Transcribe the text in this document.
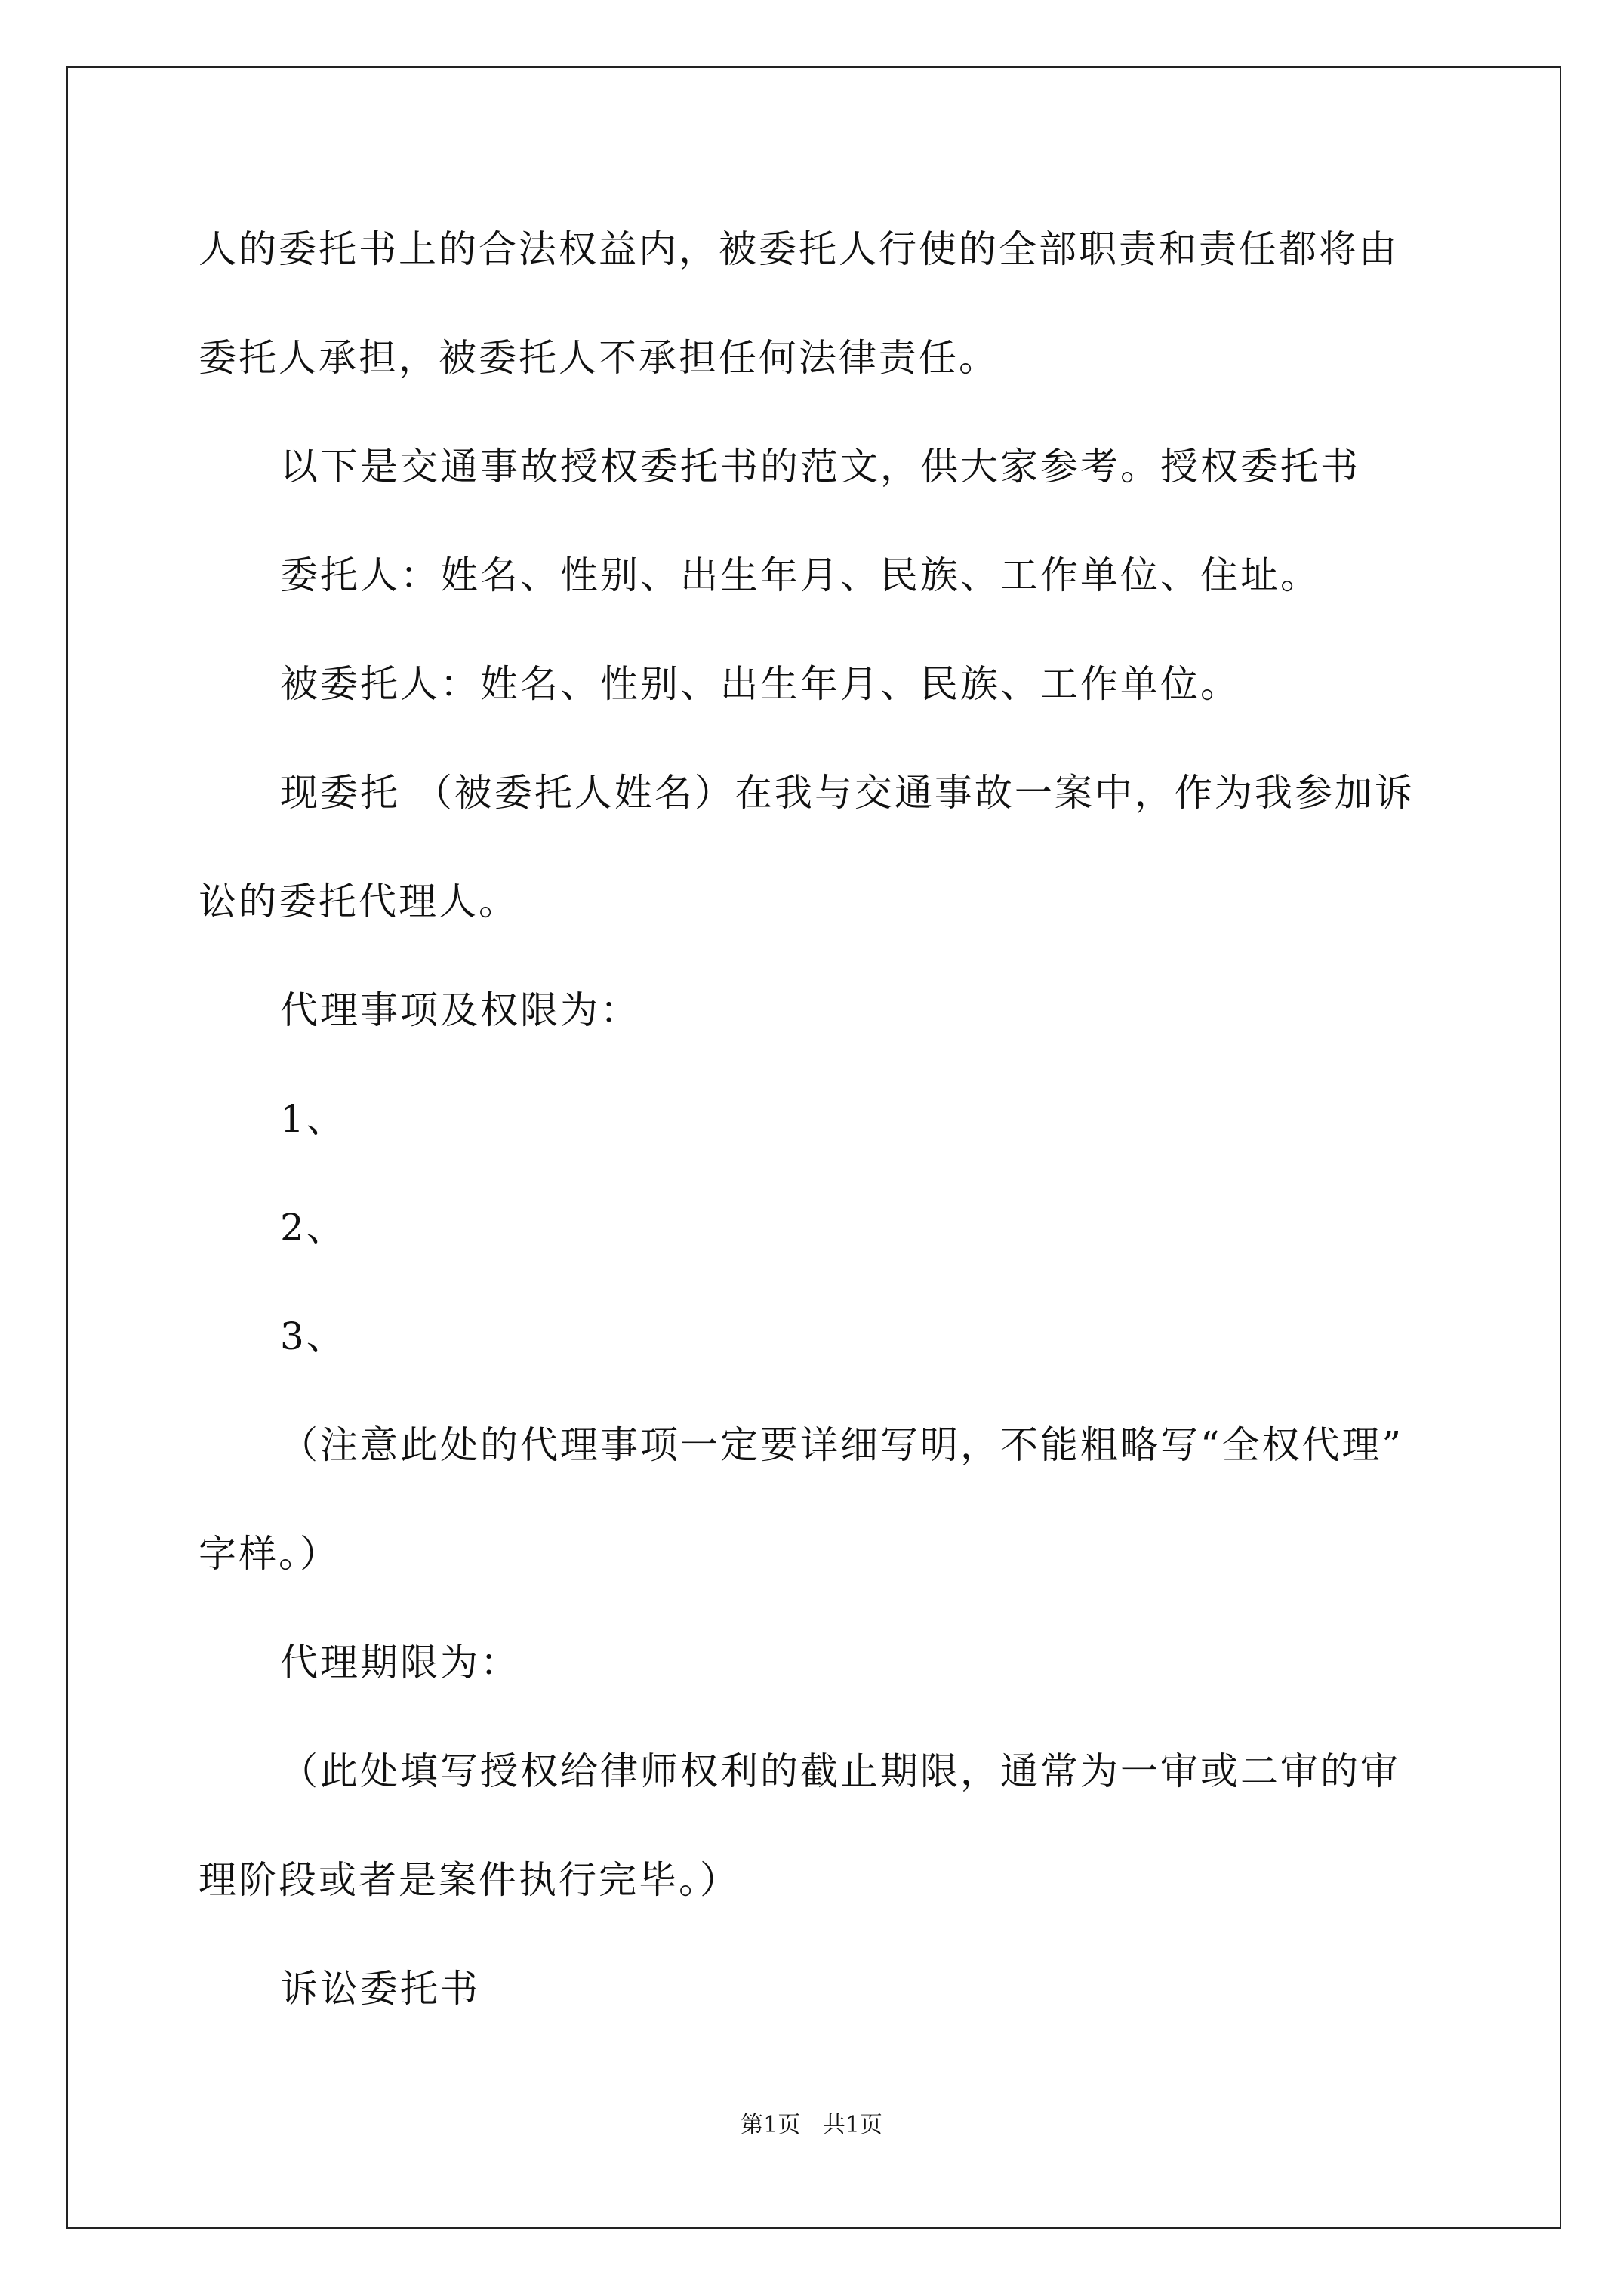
人的委托书上的合法权益内，被委托人行使的全部职责和责任都将由
委托人承担，被委托人不承担任何法律责任。
以下是交通事故授权委托书的范文，供大家参考。授权委托书
委托人：姓名、性别、出生年月、民族、工作单位、住址。
被委托人：姓名、性别、出生年月、民族、工作单位。
现委托 （被委托人姓名）在我与交通事故一案中，作为我参加诉
讼的委托代理人。
代理事项及权限为：
1、
2、
3、
（注意此处的代理事项一定要详细写明，不能粗略写“全权代理”
字样。）
代理期限为：
（此处填写授权给律师权利的截止期限，通常为一审或二审的审
理阶段或者是案件执行完毕。）
诉讼委托书
第1页 共1页
